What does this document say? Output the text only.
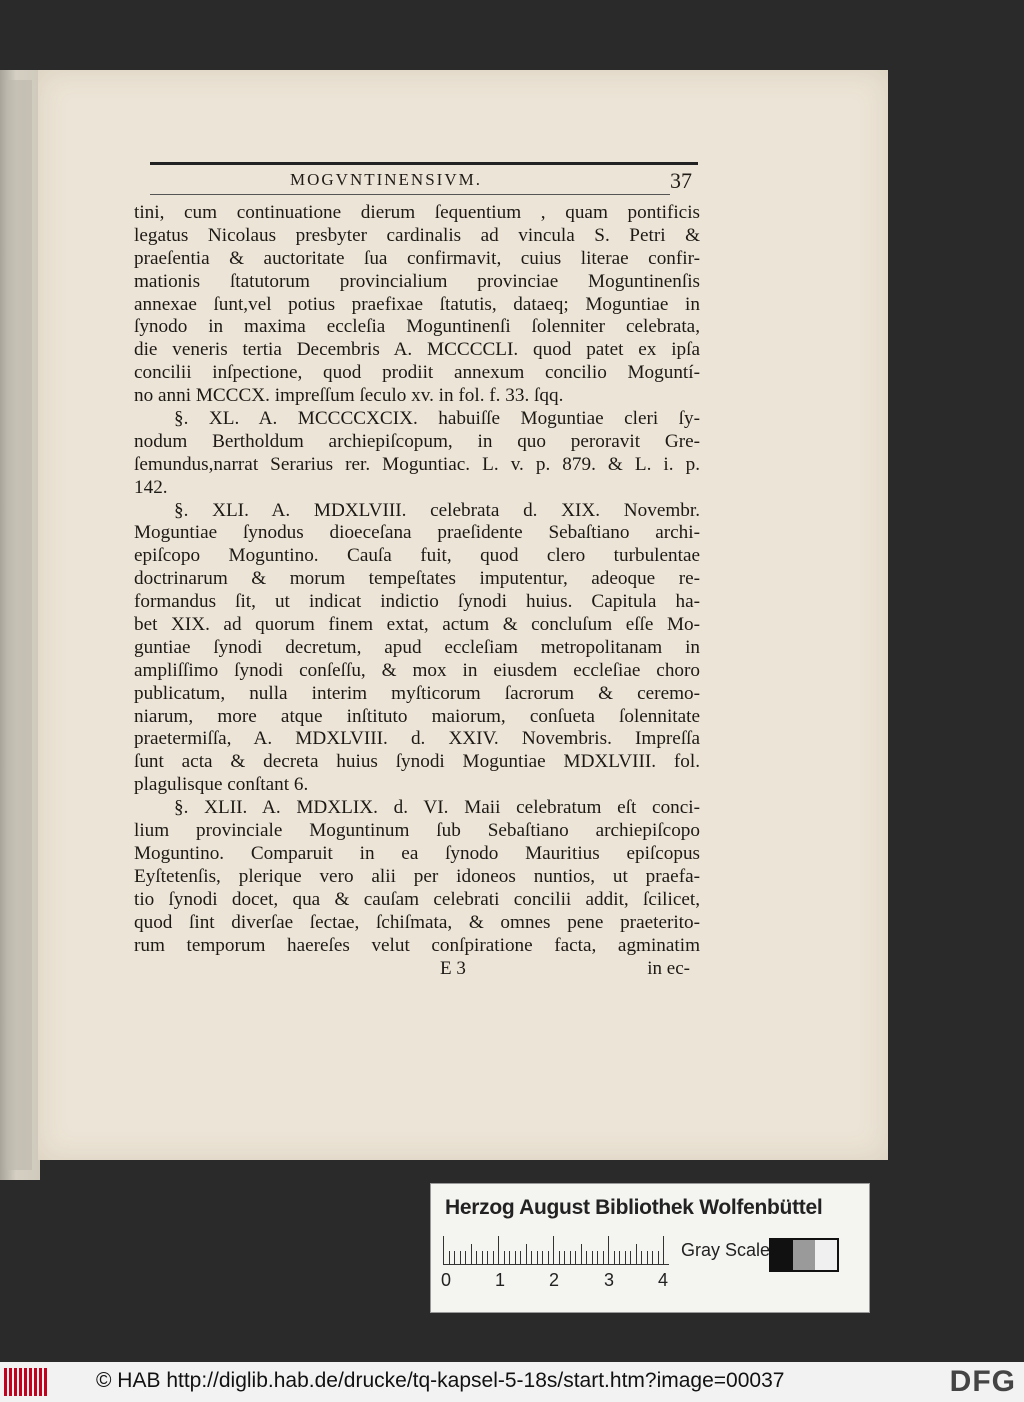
MOGVNTINENSIVM.	37
tini, cum continuatione dierum ſequentium , quam pontificis
legatus Nicolaus presbyter cardinalis ad vincula S. Petri &
praeſentia & auctoritate ſua confirmavit, cuius literae confir-
mationis ſtatutorum provincialium provinciae Moguntinenſis
annexae ſunt,vel potius praefixae ſtatutis, dataeq; Moguntiae in
ſynodo in maxima eccleſia Moguntinenſi ſolenniter celebrata,
die veneris tertia Decembris A. MCCCCLI. quod patet ex ipſa
concilii inſpectione, quod prodiit annexum concilio Moguntí-
no anni MCCCX. impreſſum ſeculo xv. in fol. f. 33. ſqq.
§. XL. A. MCCCCXCIX. habuiſſe Moguntiae cleri ſy-
nodum Bertholdum archiepiſcopum, in quo peroravit Gre-
ſemundus,narrat Serarius rer. Moguntiac. L. v. p. 879. & L. i. p.
142.
§. XLI. A. MDXLVIII. celebrata d. XIX. Novembr.
Moguntiae ſynodus dioeceſana praeſidente Sebaſtiano archi-
epiſcopo Moguntino. Cauſa fuit, quod clero turbulentae
doctrinarum & morum tempeſtates imputentur, adeoque re-
formandus ſit, ut indicat indictio ſynodi huius. Capitula ha-
bet XIX. ad quorum finem extat, actum & concluſum eſſe Mo-
guntiae ſynodi decretum, apud eccleſiam metropolitanam in
ampliſſimo ſynodi conſeſſu, & mox in eiusdem eccleſiae choro
publicatum, nulla interim myſticorum ſacrorum & ceremo-
niarum, more atque inſtituto maiorum, conſueta ſolennitate
praetermiſſa, A. MDXLVIII. d. XXIV. Novembris. Impreſſa
ſunt acta & decreta huius ſynodi Moguntiae MDXLVIII. fol.
plagulisque conſtant 6.
§. XLII. A. MDXLIX. d. VI. Maii celebratum eſt conci-
lium provinciale Moguntinum ſub Sebaſtiano archiepiſcopo
Moguntino. Comparuit in ea ſynodo Mauritius epiſcopus
Eyſtetenſis, plerique vero alii per idoneos nuntios, ut praefa-
tio ſynodi docet, qua & cauſam celebrati concilii addit, ſcilicet,
quod ſint diverſae ſectae, ſchiſmata, & omnes pene praeterito-
rum temporum haereſes velut conſpiratione facta, agminatim
E 3	in ec-
Herzog August Bibliothek Wolfenbüttel
0 1 2 3 4
Gray Scale
© HAB http://diglib.hab.de/drucke/tq-kapsel-5-18s/start.htm?image=00037	DFG
